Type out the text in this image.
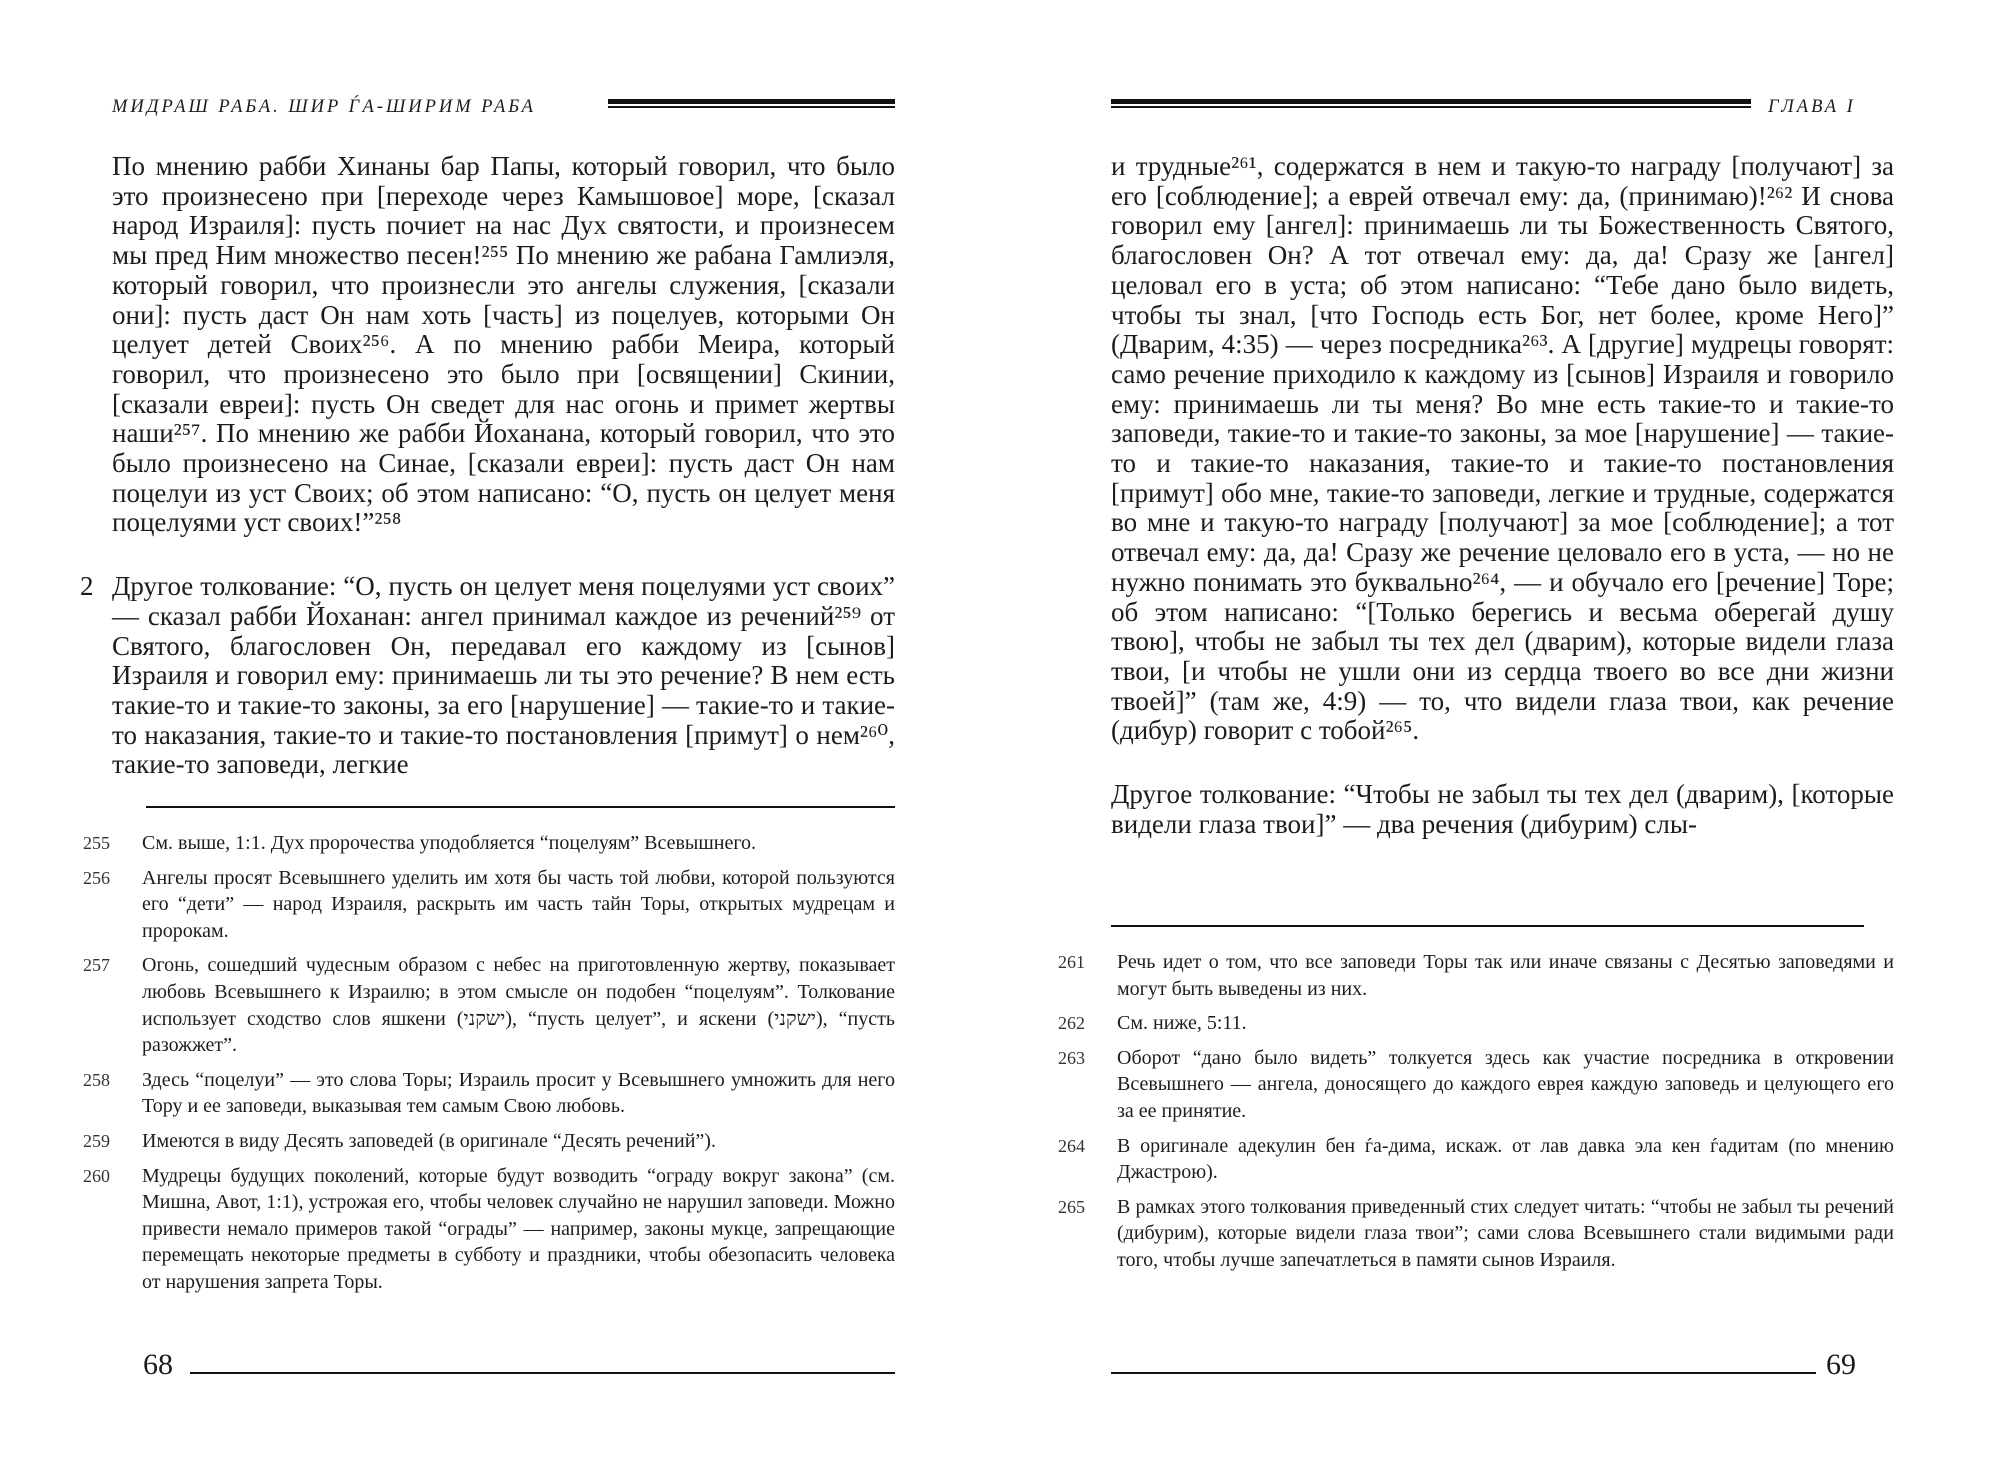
МИДРАШ РАБА. ШИР ЃА-ШИРИМ РАБА

По мнению рабби Хинаны бар Папы, который говорил, что было это произнесено при [переходе через Камышовое] море, [сказал народ Израиля]: пусть почиет на нас Дух святости, и произнесем мы пред Ним множество песен!²⁵⁵ По мнению же рабана Гамлиэля, который говорил, что произнесли это ангелы служения, [сказали они]: пусть даст Он нам хоть [часть] из поцелуев, которыми Он целует детей Своих²⁵⁶. А по мнению рабби Меира, который говорил, что произнесено это было при [освящении] Скинии, [сказали евреи]: пусть Он сведет для нас огонь и примет жертвы наши²⁵⁷. По мнению же рабби Йоханана, который говорил, что это было произнесено на Синае, [сказали евреи]: пусть даст Он нам поцелуи из уст Своих; об этом написано: “О, пусть он целует меня поцелуями уст своих!”²⁵⁸

2 Другое толкование: “О, пусть он целует меня поцелуями уст своих” — сказал рабби Йоханан: ангел принимал каждое из речений²⁵⁹ от Святого, благословен Он, передавал его каждому из [сынов] Израиля и говорил ему: принимаешь ли ты это речение? В нем есть такие-то и такие-то законы, за его [нарушение] — такие-то и такие-то наказания, такие-то и такие-то постановления [примут] о нем²⁶⁰, такие-то заповеди, легкие

255 См. выше, 1:1. Дух пророчества уподобляется “поцелуям” Всевышнего.
256 Ангелы просят Всевышнего уделить им хотя бы часть той любви, которой пользуются его “дети” — народ Израиля, раскрыть им часть тайн Торы, открытых мудрецам и пророкам.
257 Огонь, сошедший чудесным образом с небес на приготовленную жертву, показывает любовь Всевышнего к Израилю; в этом смысле он подобен “поцелуям”. Толкование использует сходство слов яшкени (ישקני), “пусть целует”, и яскени (ישקני), “пусть разожжет”.
258 Здесь “поцелуи” — это слова Торы; Израиль просит у Всевышнего умножить для него Тору и ее заповеди, выказывая тем самым Свою любовь.
259 Имеются в виду Десять заповедей (в оригинале “Десять речений”).
260 Мудрецы будущих поколений, которые будут возводить “ограду вокруг закона” (см. Мишна, Авот, 1:1), устрожая его, чтобы человек случайно не нарушил заповеди. Можно привести немало примеров такой “ограды” — например, законы мукце, запрещающие перемещать некоторые предметы в субботу и праздники, чтобы обезопасить человека от нарушения запрета Торы.
68
ГЛАВА I

и трудные²⁶¹, содержатся в нем и такую-то награду [получают] за его [соблюдение]; а еврей отвечал ему: да, (принимаю)!²⁶² И снова говорил ему [ангел]: принимаешь ли ты Божественность Святого, благословен Он? А тот отвечал ему: да, да! Сразу же [ангел] целовал его в уста; об этом написано: “Тебе дано было видеть, чтобы ты знал, [что Господь есть Бог, нет более, кроме Него]” (Дварим, 4:35) — через посредника²⁶³. А [другие] мудрецы говорят: само речение приходило к каждому из [сынов] Израиля и говорило ему: принимаешь ли ты меня? Во мне есть такие-то и такие-то заповеди, такие-то и такие-то законы, за мое [нарушение] — такие-то и такие-то наказания, такие-то и такие-то постановления [примут] обо мне, такие-то заповеди, легкие и трудные, содержатся во мне и такую-то награду [получают] за мое [соблюдение]; а тот отвечал ему: да, да! Сразу же речение целовало его в уста, — но не нужно понимать это буквально²⁶⁴, — и обучало его [речение] Торе; об этом написано: “[Только берегись и весьма оберегай душу твою], чтобы не забыл ты тех дел (дварим), которые видели глаза твои, [и чтобы не ушли они из сердца твоего во все дни жизни твоей]” (там же, 4:9) — то, что видели глаза твои, как речение (дибур) говорит с тобой²⁶⁵.

Другое толкование: “Чтобы не забыл ты тех дел (дварим), [которые видели глаза твои]” — два речения (дибурим) слы-

261 Речь идет о том, что все заповеди Торы так или иначе связаны с Десятью заповедями и могут быть выведены из них.
262 См. ниже, 5:11.
263 Оборот “дано было видеть” толкуется здесь как участие посредника в откровении Всевышнего — ангела, доносящего до каждого еврея каждую заповедь и целующего его за ее принятие.
264 В оригинале адекулин бен ѓа-дима, искаж. от лав давка эла кен ѓадитам (по мнению Джастрою).
265 В рамках этого толкования приведенный стих следует читать: “чтобы не забыл ты речений (дибурим), которые видели глаза твои”; сами слова Всевышнего стали видимыми ради того, чтобы лучше запечатлеться в памяти сынов Израиля.
69
